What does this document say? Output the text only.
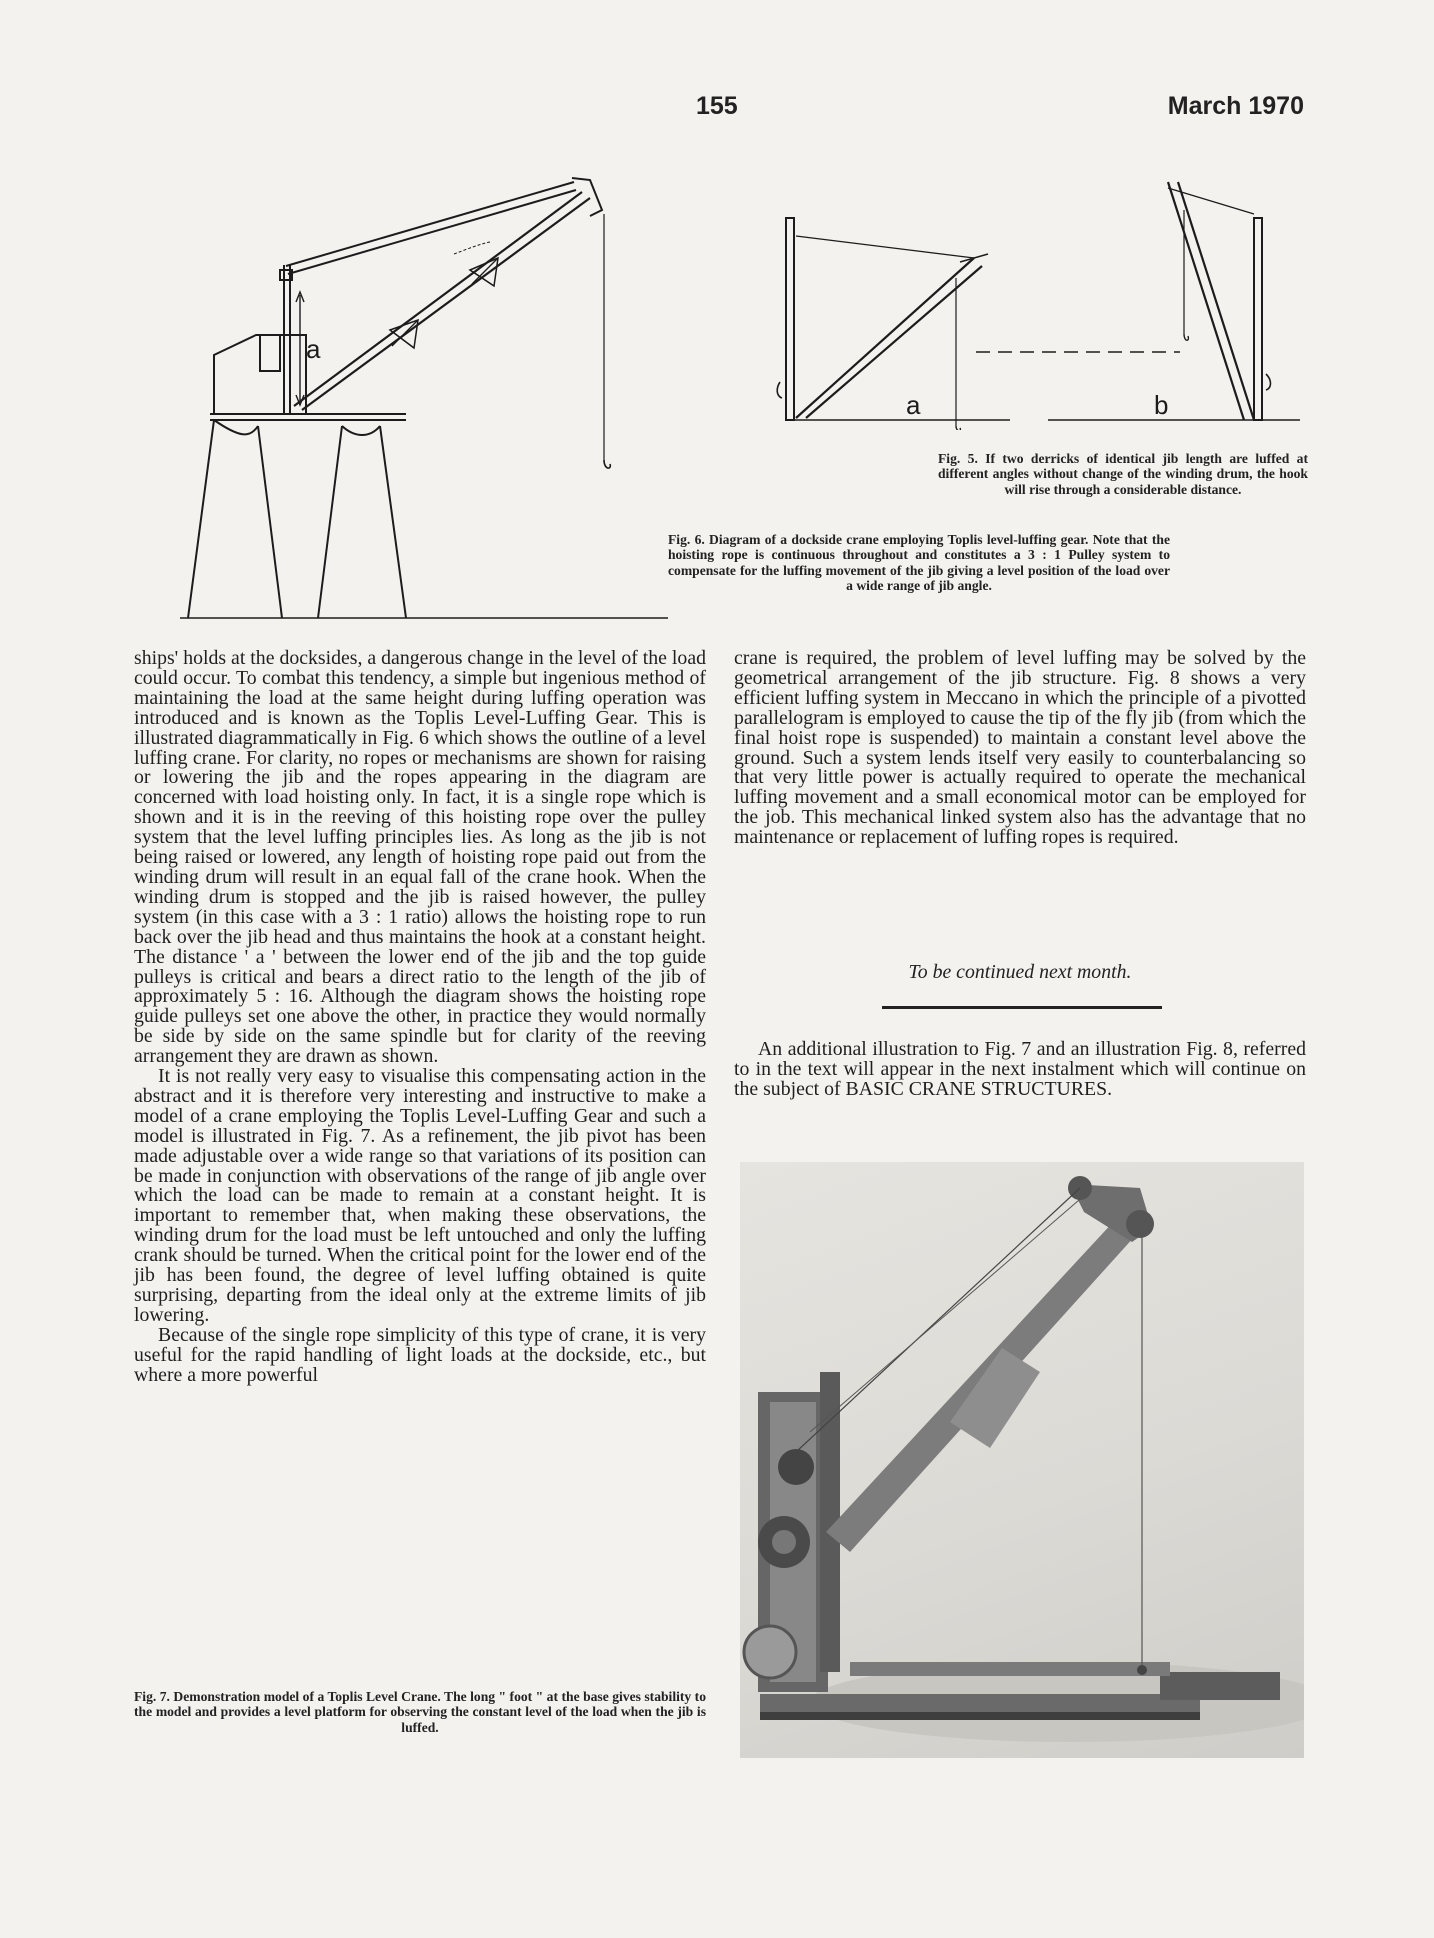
155	March 1970
a
a	b
Fig. 5. If two derricks of identical jib length are luffed at different angles without change of the winding drum, the hook will rise through a considerable distance.
Fig. 6. Diagram of a dockside crane employing Toplis level-luffing gear. Note that the hoisting rope is continuous throughout and constitutes a 3 : 1 Pulley system to compensate for the luffing movement of the jib giving a level position of the load over a wide range of jib angle.

ships' holds at the docksides, a dangerous change in the level of the load could occur. To combat this tendency, a simple but ingenious method of maintaining the load at the same height during luffing operation was introduced and is known as the Toplis Level-Luffing Gear. This is illustrated diagrammatically in Fig. 6 which shows the outline of a level luffing crane. For clarity, no ropes or mechanisms are shown for raising or lowering the jib and the ropes appearing in the diagram are concerned with load hoisting only. In fact, it is a single rope which is shown and it is in the reeving of this hoisting rope over the pulley system that the level luffing principles lies. As long as the jib is not being raised or lowered, any length of hoisting rope paid out from the winding drum will result in an equal fall of the crane hook. When the winding drum is stopped and the jib is raised however, the pulley system (in this case with a 3 : 1 ratio) allows the hoisting rope to run back over the jib head and thus maintains the hook at a constant height. The distance ' a ' between the lower end of the jib and the top guide pulleys is critical and bears a direct ratio to the length of the jib of approximately 5 : 16. Although the diagram shows the hoisting rope guide pulleys set one above the other, in practice they would normally be side by side on the same spindle but for clarity of the reeving arrangement they are drawn as shown.

It is not really very easy to visualise this compensating action in the abstract and it is therefore very interesting and instructive to make a model of a crane employing the Toplis Level-Luffing Gear and such a model is illustrated in Fig. 7. As a refinement, the jib pivot has been made adjustable over a wide range so that variations of its position can be made in conjunction with observations of the range of jib angle over which the load can be made to remain at a constant height. It is important to remember that, when making these observations, the winding drum for the load must be left untouched and only the luffing crank should be turned. When the critical point for the lower end of the jib has been found, the degree of level luffing obtained is quite surprising, departing from the ideal only at the extreme limits of jib lowering.

Because of the single rope simplicity of this type of crane, it is very useful for the rapid handling of light loads at the dockside, etc., but where a more powerful

crane is required, the problem of level luffing may be solved by the geometrical arrangement of the jib structure. Fig. 8 shows a very efficient luffing system in Meccano in which the principle of a pivotted parallelogram is employed to cause the tip of the fly jib (from which the final hoist rope is suspended) to maintain a constant level above the ground. Such a system lends itself very easily to counterbalancing so that very little power is actually required to operate the mechanical luffing movement and a small economical motor can be employed for the job. This mechanical linked system also has the advantage that no maintenance or replacement of luffing ropes is required.
To be continued next month.
An additional illustration to Fig. 7 and an illustration Fig. 8, referred to in the text will appear in the next instalment which will continue on the subject of BASIC CRANE STRUCTURES.
Fig. 7. Demonstration model of a Toplis Level Crane. The long " foot " at the base gives stability to the model and provides a level platform for observing the constant level of the load when the jib is luffed.
